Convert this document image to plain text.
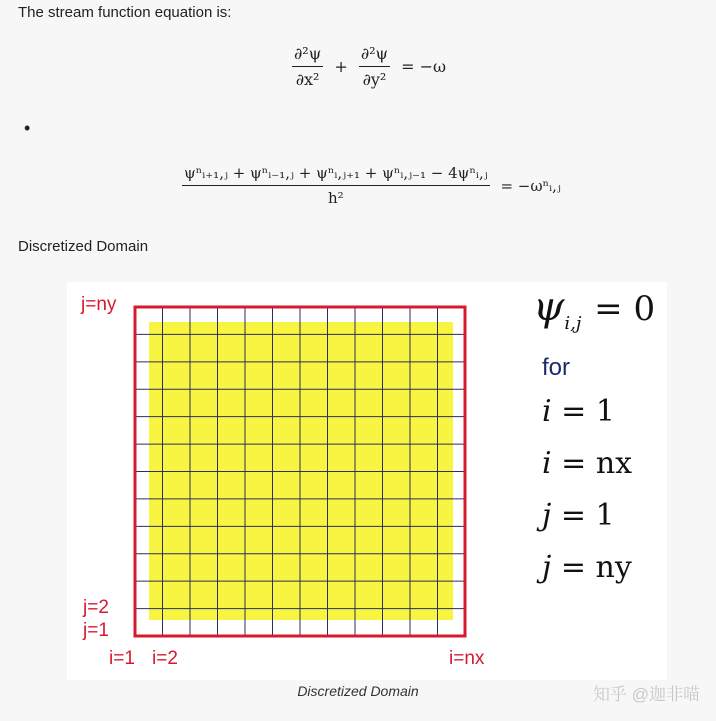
The stream function equation is:
$\frac{\text{∂²ψ}}{\text{∂x²}} + \frac{\text{∂²ψ}}{\text{∂y²}} = -\omega$
•
$\frac{\text{ψⁿᵢ₊₁,ⱼ + ψⁿᵢ₋₁,ⱼ + ψⁿᵢ,ⱼ₊₁ + ψⁿᵢ,ⱼ₋₁ − 4ψⁿᵢ,ⱼ}}{\text{h²}}$ = −ωⁿᵢ,ⱼ
Discretized Domain
j=ny
j=2
j=1
i=1 i=2	i=nx
$\psi_{i,j} = 0$
for
i = 1
i = nx
j = 1
j = ny
Discretized Domain	知乎 @迦非喵
